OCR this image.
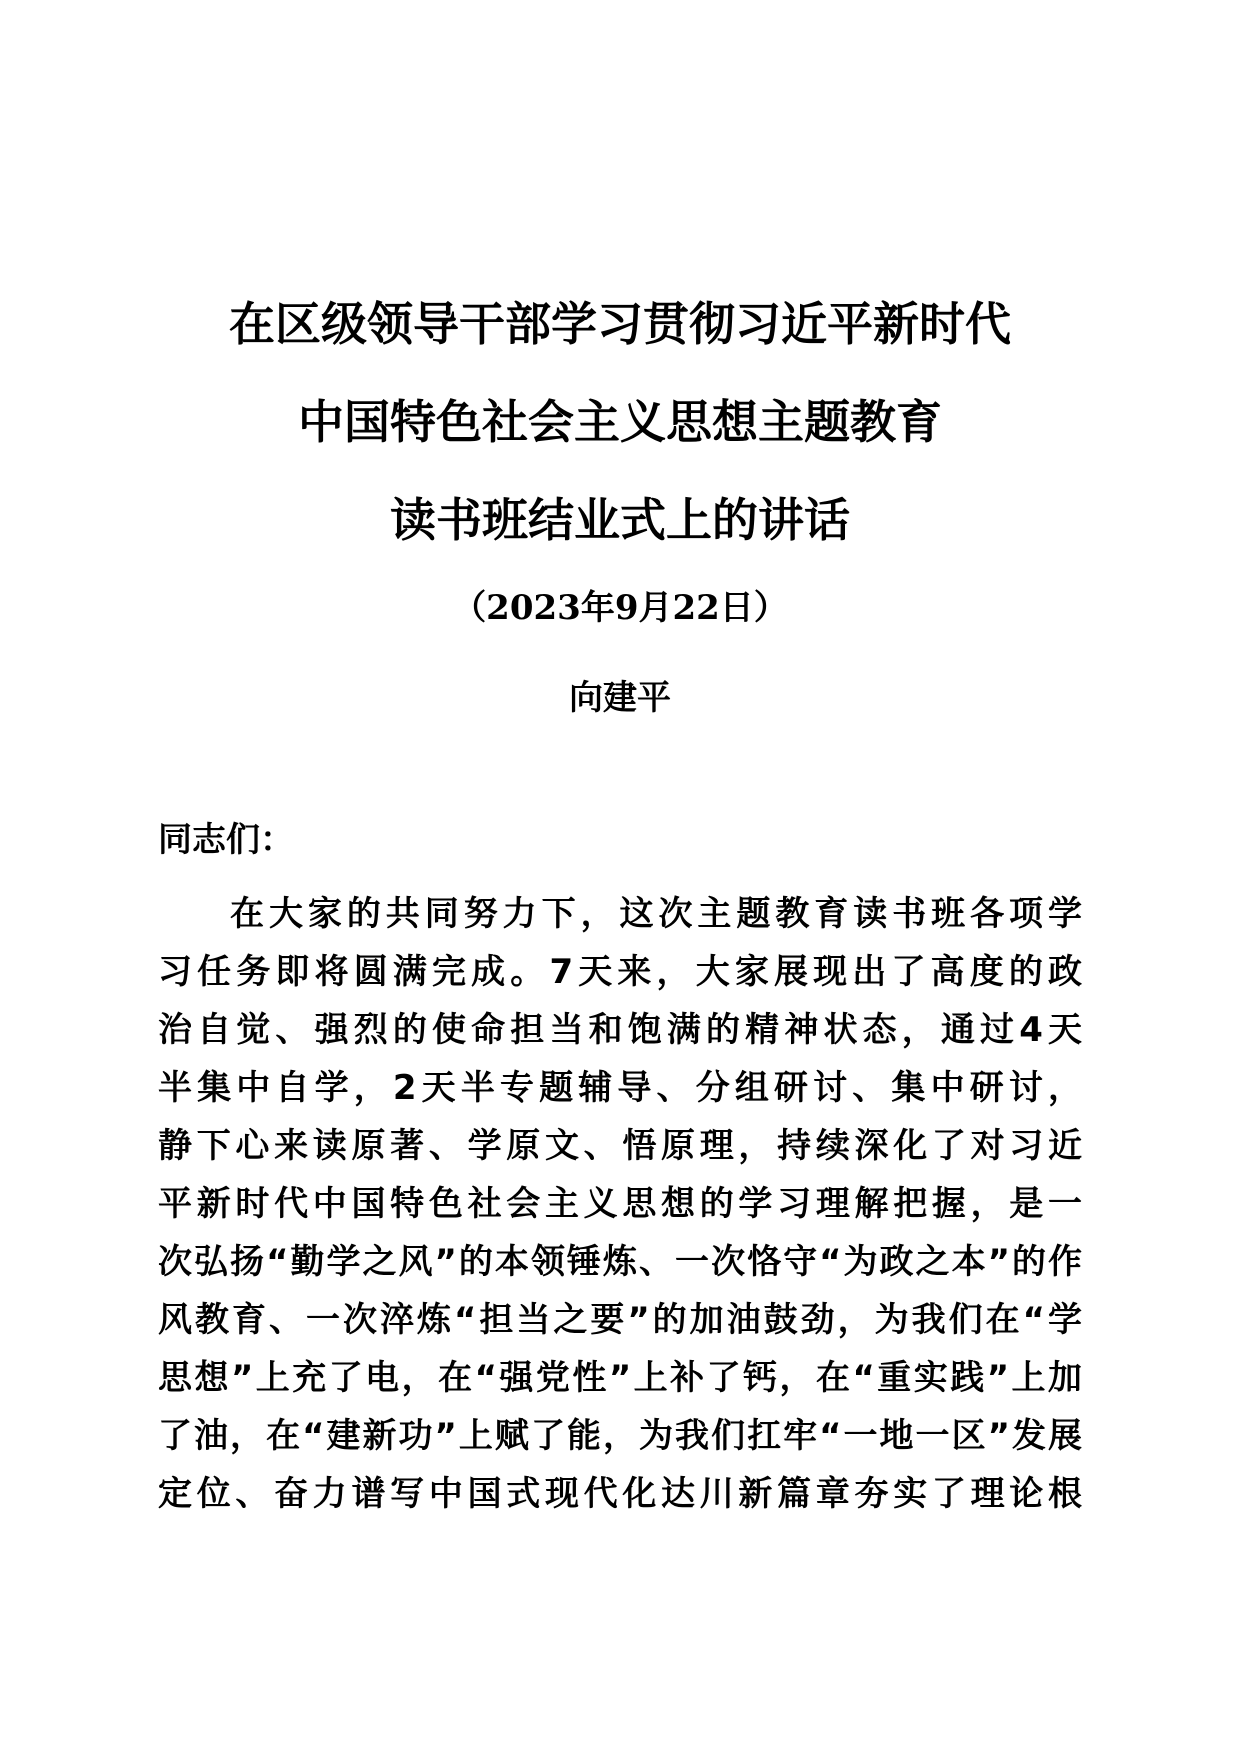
在区级领导干部学习贯彻习近平新时代
中国特色社会主义思想主题教育
读书班结业式上的讲话
（2023年9月22日）
向建平
同志们：
在大家的共同努力下，这次主题教育读书班各项学
习任务即将圆满完成。7天来，大家展现出了高度的政
治自觉、强烈的使命担当和饱满的精神状态，通过4天
半集中自学，2天半专题辅导、分组研讨、集中研讨，
静下心来读原著、学原文、悟原理，持续深化了对习近
平新时代中国特色社会主义思想的学习理解把握，是一
次弘扬“勤学之风”的本领锤炼、一次恪守“为政之本”的作
风教育、一次淬炼“担当之要”的加油鼓劲，为我们在“学
思想”上充了电，在“强党性”上补了钙，在“重实践”上加
了油，在“建新功”上赋了能，为我们扛牢“一地一区”发展
定位、奋力谱写中国式现代化达川新篇章夯实了理论根
